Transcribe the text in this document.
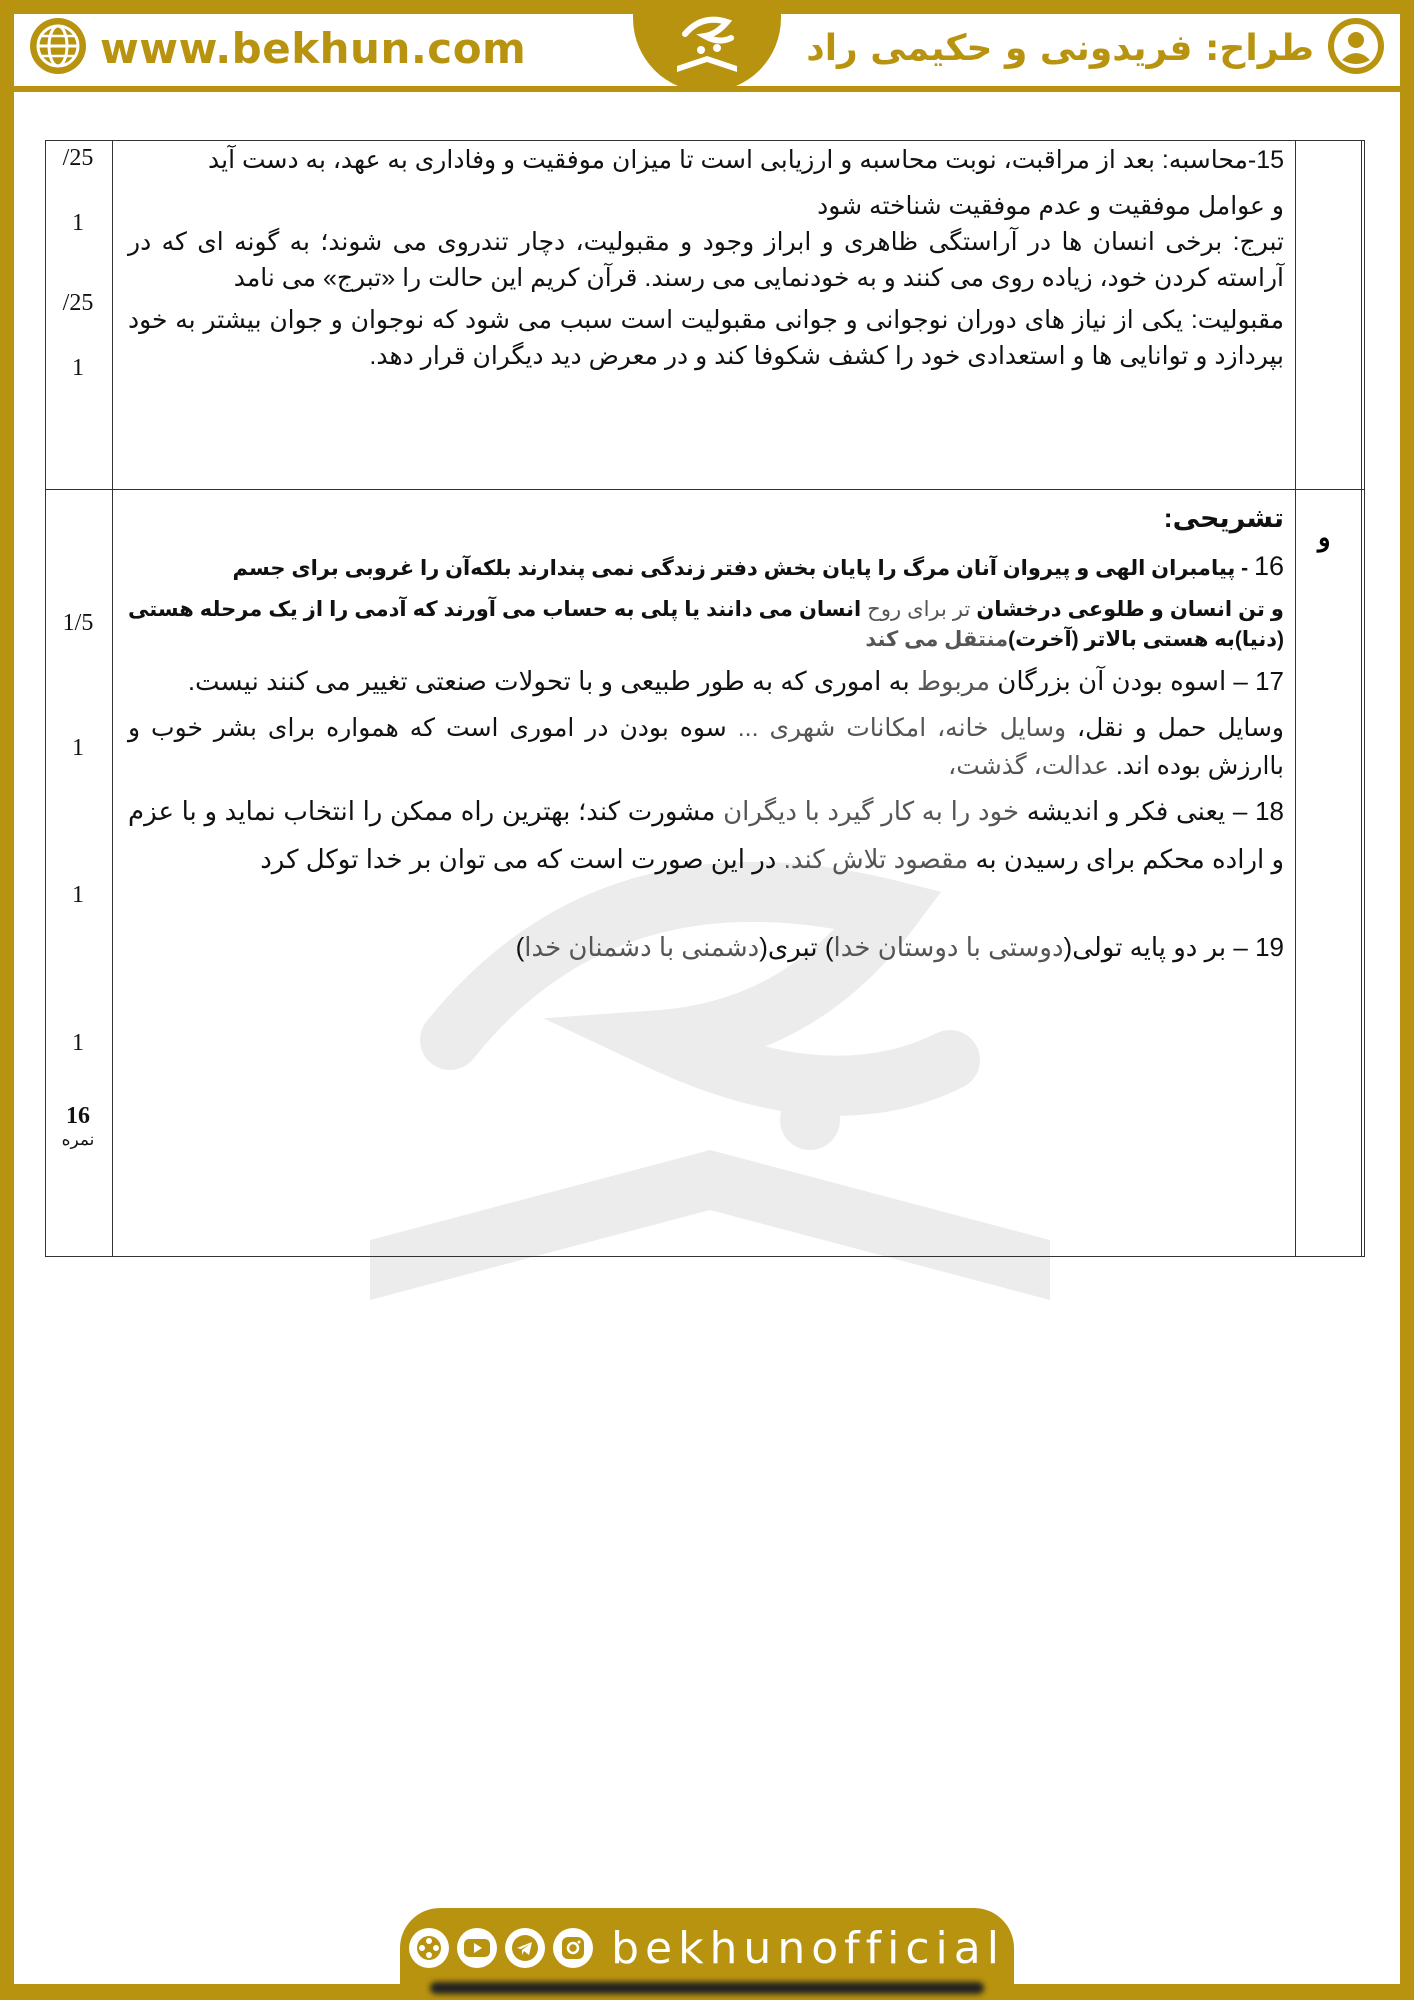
www.bekhun.com	طراح: فریدونی و حکیمی راد
/25
1
/25
1

15-محاسبه: بعد از مراقبت، نوبت محاسبه و ارزیابی است تا میزان موفقیت و وفاداری به عهد، به دست آید

و عوامل موفقیت و عدم موفقیت شناخته شود

تبرج: برخی انسان ها در آراستگی ظاهری و ابراز وجود و مقبولیت، دچار تندروی می شوند؛ به گونه ای که در آراسته کردن خود، زیاده روی می کنند و به خودنمایی می رسند. قرآن کریم این حالت را «تبرج» می نامد

مقبولیت: یکی از نیاز های دوران نوجوانی و جوانی مقبولیت است سبب می شود که نوجوان و جوان بیشتر به خود بپردازد و توانایی ها و استعدادی خود را کشف شکوفا کند و در معرض دید دیگران قرار دهد.

و
1/5
1
1
1
16
نمره
تشریحی:

16 - پیامبران الهی و پیروان آنان مرگ را پایان بخش دفتر زندگی نمی پندارند بلکه‌آن را غروبی برای جسم

و تن انسان و طلوعی درخشان تر برای روح انسان می دانند یا پلی به حساب می آورند که آدمی را از یک مرحله هستی (دنیا)به هستی بالاتر (آخرت)منتقل می کند

17 – اسوه بودن آن بزرگان مربوط به اموری که به طور طبیعی و با تحولات صنعتی تغییر می کنند نیست.

وسایل حمل و نقل، وسایل خانه، امکانات شهری ... سوه بودن در اموری است که همواره برای بشر خوب و باارزش بوده اند. عدالت، گذشت،

18 – یعنی فکر و اندیشه خود را به کار گیرد با دیگران مشورت کند؛ بهترین راه ممکن را انتخاب نماید و با عزم و اراده محکم برای رسیدن به مقصود تلاش کند. در این صورت است که می توان بر خدا توکل کرد

19 – بر دو پایه تولی(دوستی با دوستان خدا) تبری(دشمنی با دشمنان خدا)

bekhunofficial
